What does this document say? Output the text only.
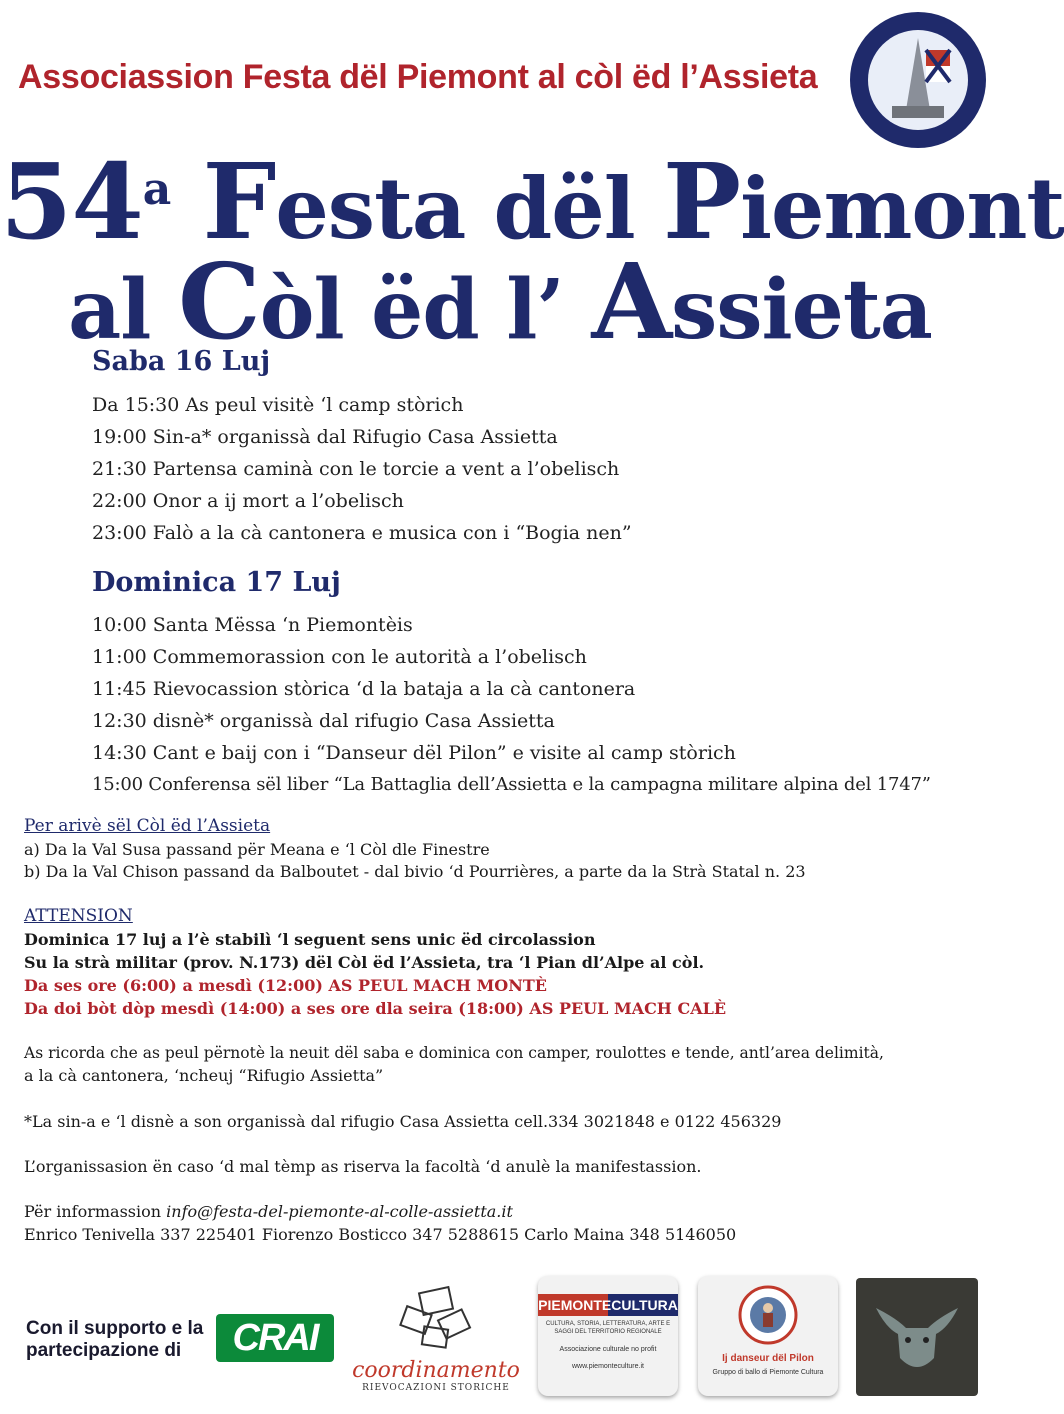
Associassion Festa dël Piemont al còl ëd l’Assieta
54$^a$ Festa dël Piemont
al Còl ëd l’ Assieta
Saba 16 Luj
Da 15:30 As peul visitè ‘l camp stòrich
19:00 Sin-a* organissà dal Rifugio Casa Assietta
21:30 Partensa caminà con le torcie a vent a l’obelisch
22:00 Onor a ij mort a l’obelisch
23:00 Falò a la cà cantonera e musica con i “Bogia nen”
Dominica 17 Luj
10:00 Santa Mëssa ‘n Piemontèis
11:00 Commemorassion con le autorità a l’obelisch
11:45 Rievocassion stòrica ‘d la bataja a la cà cantonera
12:30 disnè* organissà dal rifugio Casa Assietta
14:30 Cant e baij con i “Danseur dël Pilon” e visite al camp stòrich
15:00 Conferensa sël liber “La Battaglia dell’Assietta e la campagna militare alpina del 1747”
Per arivè sël Còl ëd l’Assieta
a) Da la Val Susa passand për Meana e ‘l Còl dle Finestre
b) Da la Val Chison passand da Balboutet - dal bivio ‘d Pourrières, a parte da la Strà Statal n. 23
ATTENSION
Dominica 17 luj a l’è stabilì ‘l seguent sens unic ëd circolassion
Su la strà militar (prov. N.173) dël Còl ëd l’Assieta, tra ‘l Pian dl’Alpe al còl.
Da ses ore (6:00) a mesdì (12:00) AS PEUL MACH MONTÈ
Da doi bòt dòp mesdì (14:00) a ses ore dla seira (18:00) AS PEUL MACH CALÈ
As ricorda che as peul përnotè la neuit dël saba e dominica con camper, roulottes e tende, antl’area delimità,
a la cà cantonera, ‘ncheuj “Rifugio Assietta”
*La sin-a e ‘l disnè a son organissà dal rifugio Casa Assietta cell.334 3021848 e 0122 456329
L’organissasion ën caso ‘d mal tèmp as riserva la facoltà ‘d anulè la manifestassion.
Për informassion info@festa-del-piemonte-al-colle-assietta.it
Enrico Tenivella 337 225401 Fiorenzo Bosticco 347 5288615 Carlo Maina 348 5146050
Con il supporto e la partecipazione di	CRAI
coordinamento
RIEVOCAZIONI STORICHE
PIEMONTECULTURA
CULTURA, STORIA, LETTERATURA, ARTE E SAGGI DEL TERRITORIO REGIONALE
Associazione culturale no profit
www.piemonteculture.it
Ij danseur dël Pilon
Gruppo di ballo di Piemonte Cultura
